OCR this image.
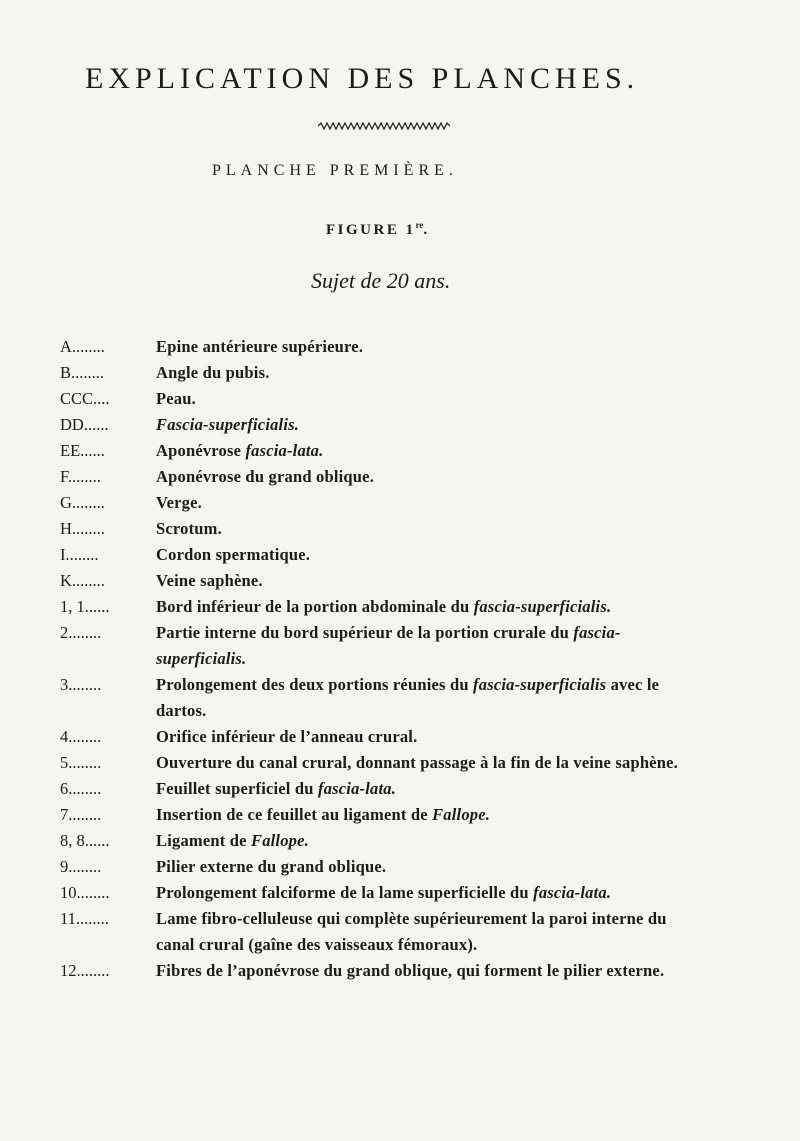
EXPLICATION DES PLANCHES.
PLANCHE PREMIÈRE.
FIGURE 1re.
Sujet de 20 ans.
A........	Epine antérieure supérieure.
B........	Angle du pubis.
CCC....	Peau.
DD......	Fascia-superficialis.
EE......	Aponévrose fascia-lata.
F........	Aponévrose du grand oblique.
G........	Verge.
H........	Scrotum.
I........	Cordon spermatique.
K........	Veine saphène.
1, 1......	Bord inférieur de la portion abdominale du fascia-superficialis.
2........	Partie interne du bord supérieur de la portion crurale du fascia-superficialis.
3........	Prolongement des deux portions réunies du fascia-superficialis avec le dartos.
4........	Orifice inférieur de l’anneau crural.
5........	Ouverture du canal crural, donnant passage à la fin de la veine saphène.
6........	Feuillet superficiel du fascia-lata.
7........	Insertion de ce feuillet au ligament de Fallope.
8, 8......	Ligament de Fallope.
9........	Pilier externe du grand oblique.
10........	Prolongement falciforme de la lame superficielle du fascia-lata.
11........	Lame fibro-celluleuse qui complète supérieurement la paroi interne du canal crural (gaîne des vaisseaux fémoraux).
12........	Fibres de l’aponévrose du grand oblique, qui forment le pilier externe.
